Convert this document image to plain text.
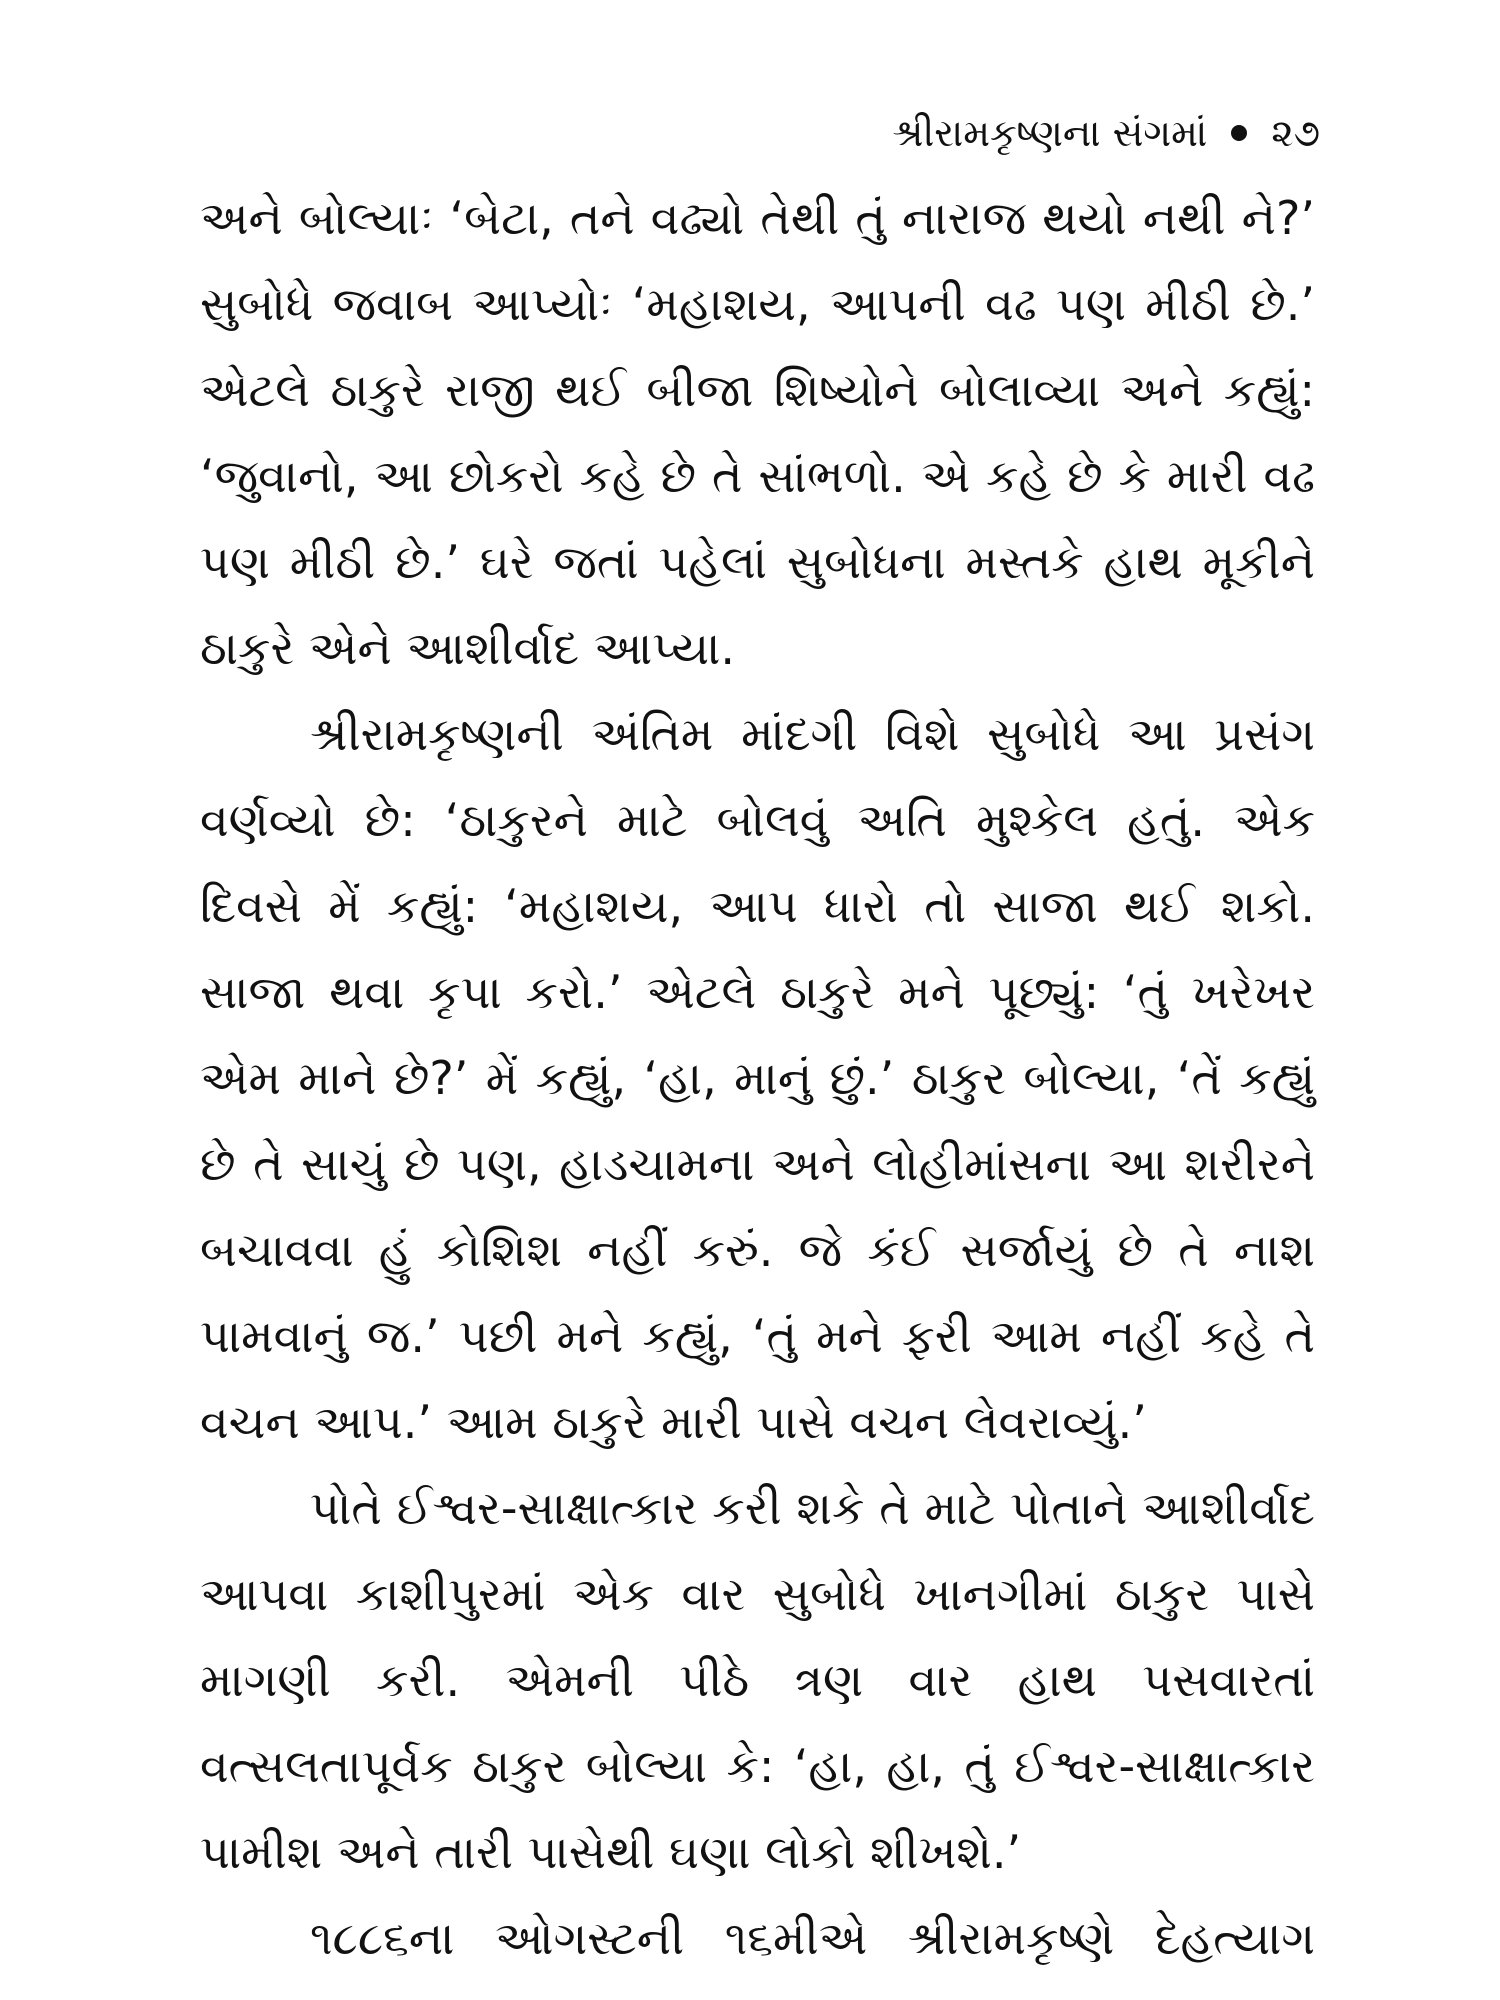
શ્રીરામકૃષ્ણના સંગમાં ૨૭

અને બોલ્યાઃ ‘બેટા, તને વઢ્યો તેથી તું નારાજ થયો નથી ને?’ સુબોધે જવાબ આપ્યોઃ ‘મહાશય, આપની વઢ પણ મીઠી છે.’ એટલે ઠાકુરે રાજી થઈ બીજા શિષ્યોને બોલાવ્યા અને કહ્યું: ‘જુવાનો, આ છોકરો કહે છે તે સાંભળો. એ કહે છે કે મારી વઢ પણ મીઠી છે.’ ઘરે જતાં પહેલાં સુબોધના મસ્તકે હાથ મૂકીને ઠાકુરે એને આશીર્વાદ આપ્યા.

શ્રીરામકૃષ્ણની અંતિમ માંદગી વિશે સુબોધે આ પ્રસંગ વર્ણવ્યો છે: ‘ઠાકુરને માટે બોલવું અતિ મુશ્કેલ હતું. એક દિવસે મેં કહ્યું: ‘મહાશય, આપ ધારો તો સાજા થઈ શકો. સાજા થવા કૃપા કરો.’ એટલે ઠાકુરે મને પૂછ્યું: ‘તું ખરેખર એમ માને છે?’ મેં કહ્યું, ‘હા, માનું છું.’ ઠાકુર બોલ્યા, ‘તેં કહ્યું છે તે સાચું છે પણ, હાડચામના અને લોહીમાંસના આ શરીરને બચાવવા હું કોશિશ નહીં કરું. જે કંઈ સર્જાયું છે તે નાશ પામવાનું જ.’ પછી મને કહ્યું, ‘તું મને ફરી આમ નહીં કહે તે વચન આપ.’ આમ ઠાકુરે મારી પાસે વચન લેવરાવ્યું.’

પોતે ઈશ્વર-સાક્ષાત્કાર કરી શકે તે માટે પોતાને આશીર્વાદ આપવા કાશીપુરમાં એક વાર સુબોધે ખાનગીમાં ઠાકુર પાસે માગણી કરી. એમની પીઠે ત્રણ વાર હાથ પસવારતાં વત્સલતાપૂર્વક ઠાકુર બોલ્યા કે: ‘હા, હા, તું ઈશ્વર-સાક્ષાત્કાર પામીશ અને તારી પાસેથી ઘણા લોકો શીખશે.’

૧૮૮૬ના ઓગસ્ટની ૧૬મીએ શ્રીરામકૃષ્ણે દેહત્યાગ
